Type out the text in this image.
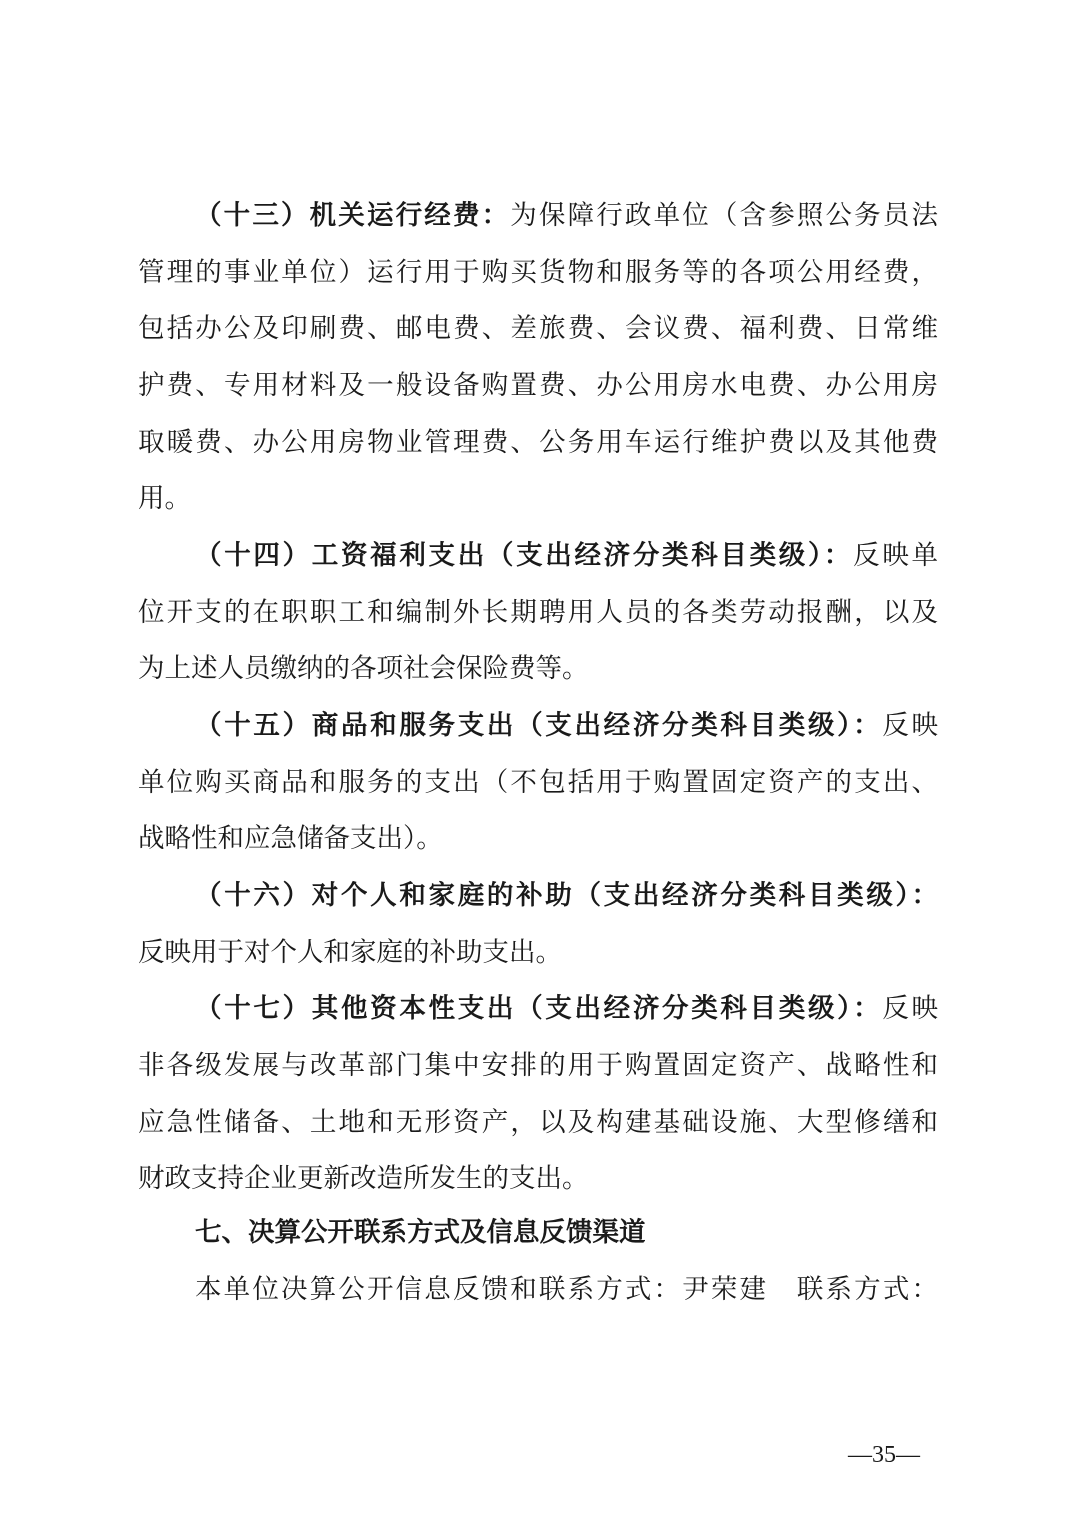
（十三）机关运行经费：为保障行政单位（含参照公务员法
管理的事业单位）运行用于购买货物和服务等的各项公用经费，
包括办公及印刷费、邮电费、差旅费、会议费、福利费、日常维
护费、专用材料及一般设备购置费、办公用房水电费、办公用房
取暖费、办公用房物业管理费、公务用车运行维护费以及其他费
用。
（十四）工资福利支出（支出经济分类科目类级）：反映单
位开支的在职职工和编制外长期聘用人员的各类劳动报酬，以及
为上述人员缴纳的各项社会保险费等。
（十五）商品和服务支出（支出经济分类科目类级）：反映
单位购买商品和服务的支出（不包括用于购置固定资产的支出、
战略性和应急储备支出）。
（十六）对个人和家庭的补助（支出经济分类科目类级）：
反映用于对个人和家庭的补助支出。
（十七）其他资本性支出（支出经济分类科目类级）：反映
非各级发展与改革部门集中安排的用于购置固定资产、战略性和
应急性储备、土地和无形资产，以及构建基础设施、大型修缮和
财政支持企业更新改造所发生的支出。
七、决算公开联系方式及信息反馈渠道
本单位决算公开信息反馈和联系方式：尹荣建　联系方式：
—35—
